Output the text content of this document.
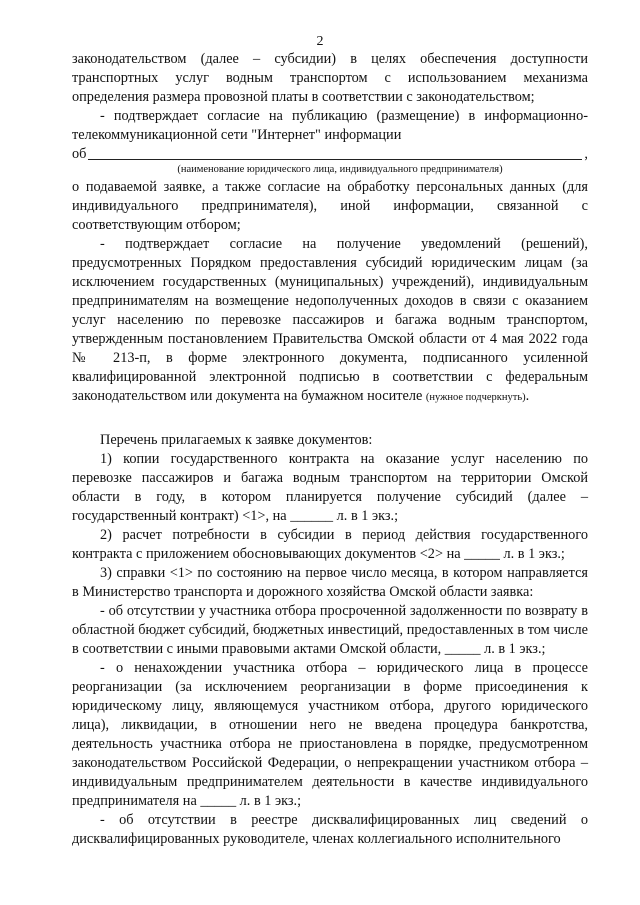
2

законодательством (далее – субсидии) в целях обеспечения доступности транспортных услуг водным транспортом с использованием механизма определения размера провозной платы в соответствии с законодательством;

- подтверждает согласие на публикацию (размещение) в информационно-телекоммуникационной сети "Интернет" информации

об	,

(наименование юридического лица, индивидуального предпринимателя)

о подаваемой заявке, а также согласие на обработку персональных данных (для индивидуального предпринимателя), иной информации, связанной с соответствующим отбором;

- подтверждает согласие на получение уведомлений (решений), предусмотренных Порядком предоставления субсидий юридическим лицам (за исключением государственных (муниципальных) учреждений), индивидуальным предпринимателям на возмещение недополученных доходов в связи с оказанием услуг населению по перевозке пассажиров и багажа водным транспортом, утвержденным постановлением Правительства Омской области от 4 мая 2022 года № 213-п, в форме электронного документа, подписанного усиленной квалифицированной электронной подписью в соответствии с федеральным законодательством или документа на бумажном носителе (нужное подчеркнуть).

Перечень прилагаемых к заявке документов:

1) копии государственного контракта на оказание услуг населению по перевозке пассажиров и багажа водным транспортом на территории Омской области в году, в котором планируется получение субсидий (далее – государственный контракт) <1>, на ______ л. в 1 экз.;

2) расчет потребности в субсидии в период действия государственного контракта с приложением обосновывающих документов <2> на _____ л. в 1 экз.;

3) справки <1> по состоянию на первое число месяца, в котором направляется в Министерство транспорта и дорожного хозяйства Омской области заявка:

- об отсутствии у участника отбора просроченной задолженности по возврату в областной бюджет субсидий, бюджетных инвестиций, предоставленных в том числе в соответствии с иными правовыми актами Омской области, _____ л. в 1 экз.;

- о ненахождении участника отбора – юридического лица в процессе реорганизации (за исключением реорганизации в форме присоединения к юридическому лицу, являющемуся участником отбора, другого юридического лица), ликвидации, в отношении него не введена процедура банкротства, деятельность участника отбора не приостановлена в порядке, предусмотренном законодательством Российской Федерации, о непрекращении участником отбора – индивидуальным предпринимателем деятельности в качестве индивидуального предпринимателя на _____ л. в 1 экз.;

- об отсутствии в реестре дисквалифицированных лиц сведений о дисквалифицированных руководителе, членах коллегиального исполнительного
